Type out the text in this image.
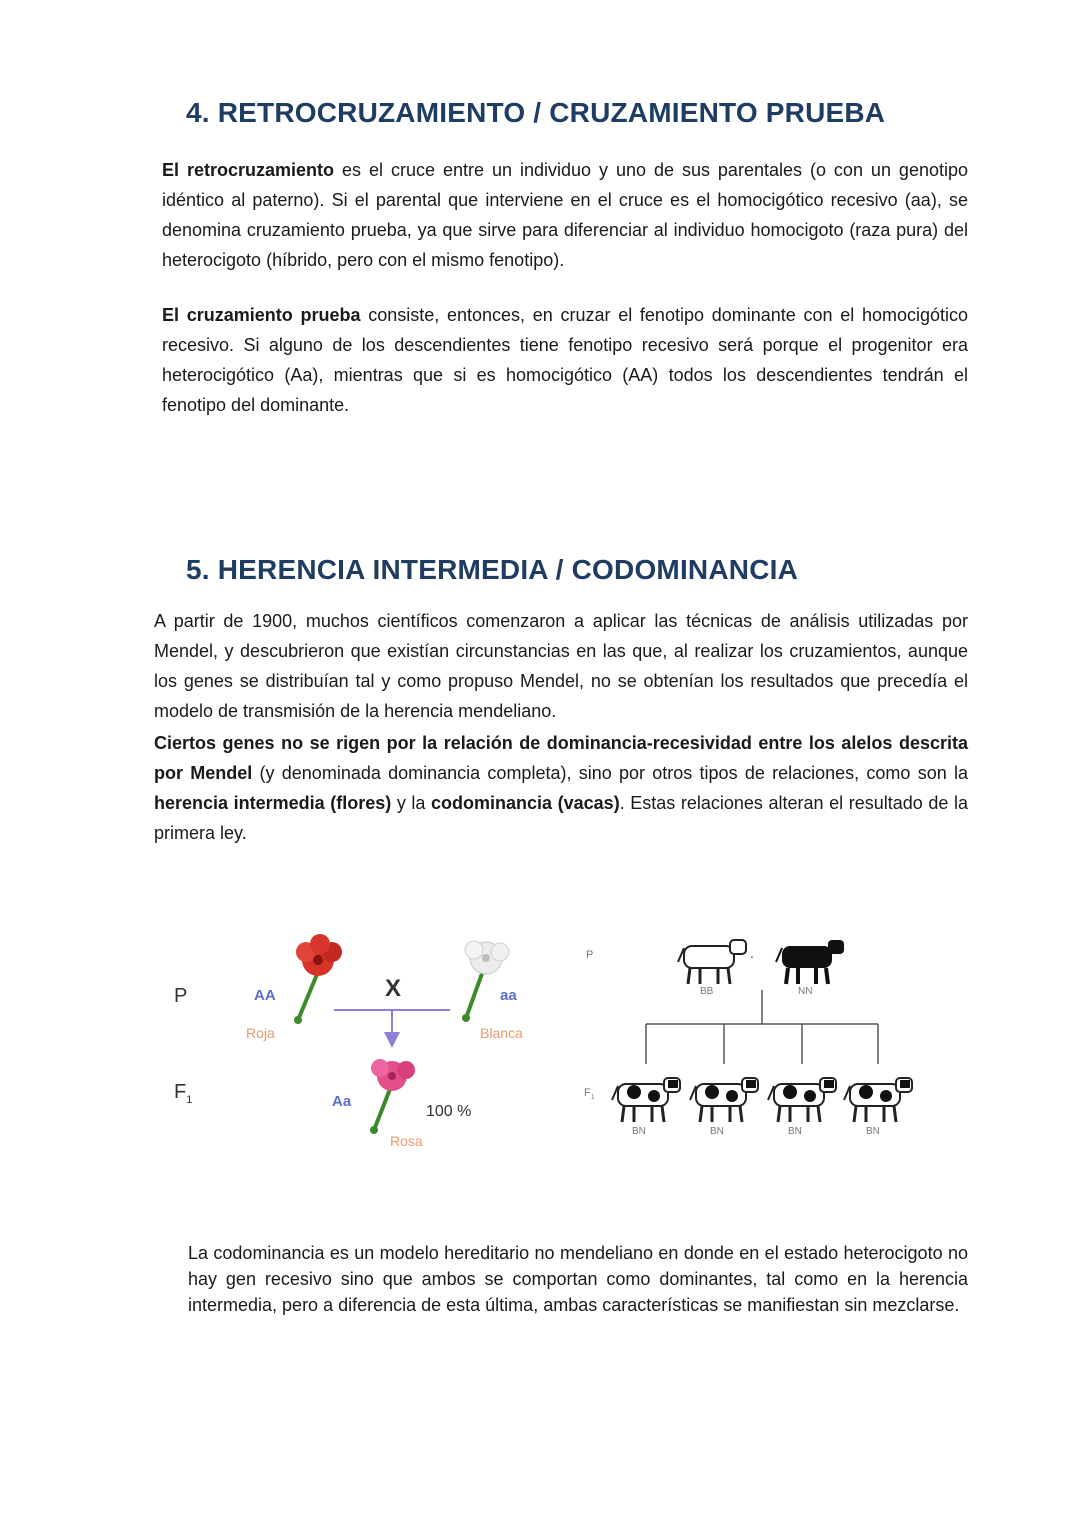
4. RETROCRUZAMIENTO / CRUZAMIENTO PRUEBA

El retrocruzamiento es el cruce entre un individuo y uno de sus parentales (o con un genotipo idéntico al paterno). Si el parental que interviene en el cruce es el homocigótico recesivo (aa), se denomina cruzamiento prueba, ya que sirve para diferenciar al individuo homocigoto (raza pura) del heterocigoto (híbrido, pero con el mismo fenotipo).

El cruzamiento prueba consiste, entonces, en cruzar el fenotipo dominante con el homocigótico recesivo. Si alguno de los descendientes tiene fenotipo recesivo será porque el progenitor era heterocigótico (Aa), mientras que si es homocigótico (AA) todos los descendientes tendrán el fenotipo del dominante.

5. HERENCIA INTERMEDIA / CODOMINANCIA

A partir de 1900, muchos científicos comenzaron a aplicar las técnicas de análisis utilizadas por Mendel, y descubrieron que existían circunstancias en las que, al realizar los cruzamientos, aunque los genes se distribuían tal y como propuso Mendel, no se obtenían los resultados que precedía el modelo de transmisión de la herencia mendeliano.

Ciertos genes no se rigen por la relación de dominancia-recesividad entre los alelos descrita por Mendel (y denominada dominancia completa), sino por otros tipos de relaciones, como son la herencia intermedia (flores) y la codominancia (vacas). Estas relaciones alteran el resultado de la primera ley.

P
$F_1$
AA
Roja
X	aa
Blanca
Aa
100 %
Rosa
P
$F_1$
.
BB	NN
BN	BN	BN	BN

La codominancia es un modelo hereditario no mendeliano en donde en el estado heterocigoto no hay gen recesivo sino que ambos se comportan como dominantes, tal como en la herencia intermedia, pero a diferencia de esta última, ambas características se manifiestan sin mezclarse.
